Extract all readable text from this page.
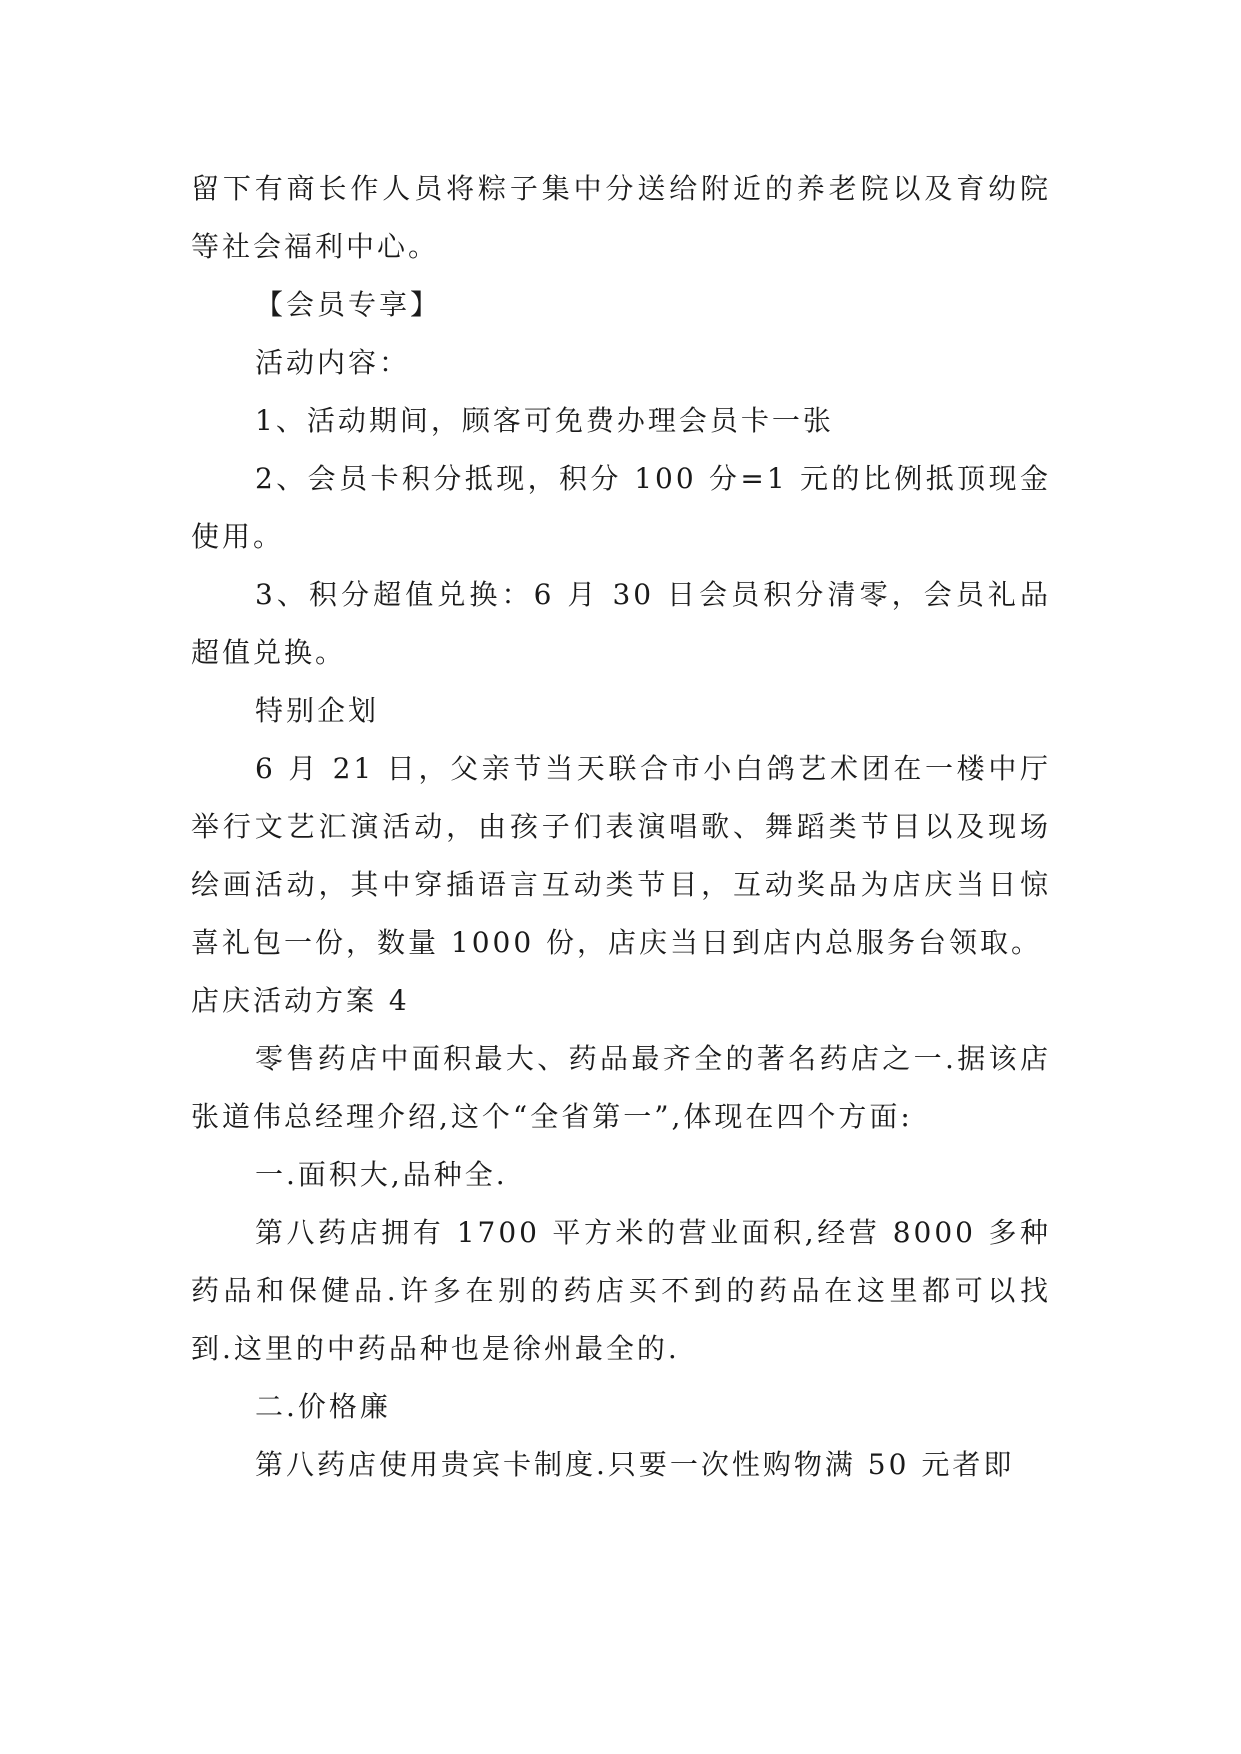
留下有商长作人员将粽子集中分送给附近的养老院以及育幼院等社会福利中心。

【会员专享】

活动内容：

1、活动期间，顾客可免费办理会员卡一张

2、会员卡积分抵现，积分 100 分=1 元的比例抵顶现金使用。

3、积分超值兑换：6 月 30 日会员积分清零，会员礼品超值兑换。

特别企划

6 月 21 日，父亲节当天联合市小白鸽艺术团在一楼中厅举行文艺汇演活动，由孩子们表演唱歌、舞蹈类节目以及现场绘画活动，其中穿插语言互动类节目，互动奖品为店庆当日惊喜礼包一份，数量 1000 份，店庆当日到店内总服务台领取。

店庆活动方案 4

零售药店中面积最大、药品最齐全的著名药店之一.据该店张道伟总经理介绍,这个“全省第一”,体现在四个方面:

一.面积大,品种全.

第八药店拥有 1700 平方米的营业面积,经营 8000 多种药品和保健品.许多在别的药店买不到的药品在这里都可以找到.这里的中药品种也是徐州最全的.

二.价格廉

第八药店使用贵宾卡制度.只要一次性购物满 50 元者即
